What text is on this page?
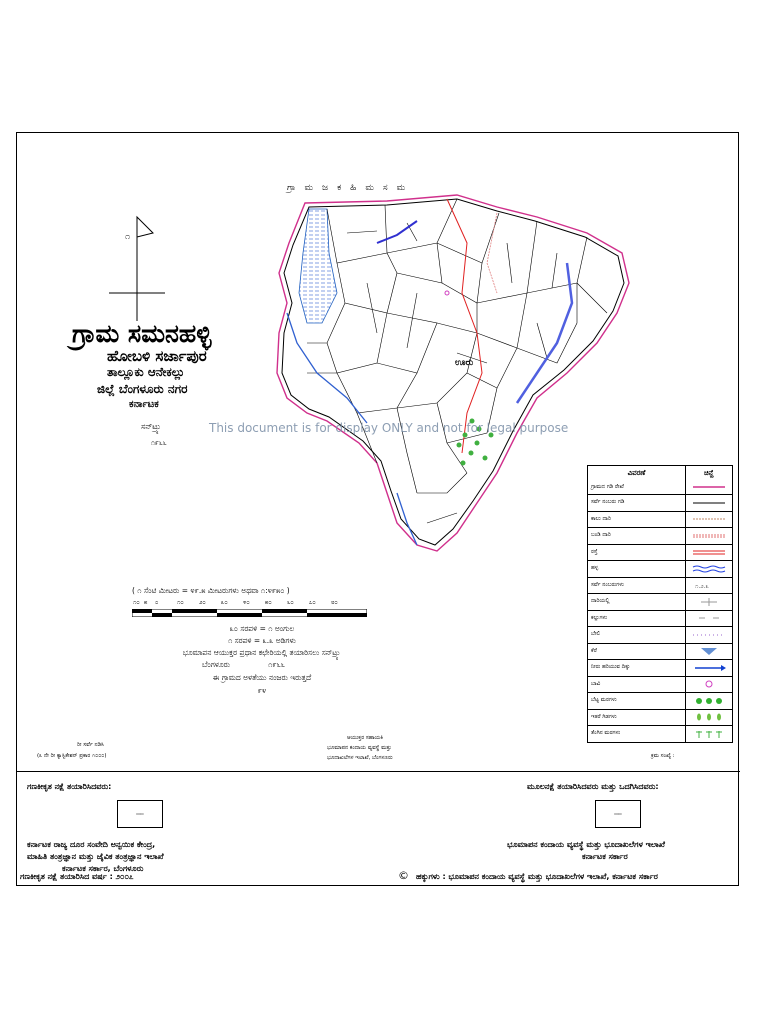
೧
ಗ್ರಾಮ ಸಮನಹಳ್ಳಿ
ಹೋಬಳಿ ಸರ್ಜಾಪುರ
ತಾಲ್ಲೂಕು ಆನೇಕಲ್ಲು
ಜಿಲ್ಲೆ ಬೆಂಗಳೂರು ನಗರ
ಕರ್ನಾಟಕ
ಸನ್‌ಟ್ರ್ಯು
೧೯೬೬
ಊರು
ಗ್ರಾಮಜಕಹಿಮಸಮ
This document is for display ONLY and not for legal purpose
ವಿವರಣೆ	ಚಿನ್ಹೆ
ಗ್ರಾಮದ ಗಡಿ ರೇಖೆ
ಸರ್ವೆ ನಂಬರು ಗಡಿ
ಕಾಲು ದಾರಿ
ಬಂಡಿ ದಾರಿ
ರಸ್ತೆ
ಹಳ್ಳ
ಸರ್ವೆ ನಂಬರುಗಳು	೧.೨.೩
ದಾರಿಯಲ್ಲಿ
ಕಲ್ಲುಗಳು
ಬೇಲಿ
ಕೆರೆ
ನೀರು ಹರಿಯುವ ದಿಕ್ಕು
ಬಾವಿ
ಬೆಟ್ಟ ಮರಗಳು
ಇತರೆ ಗಿಡಗಳು
ತೆಂಗಿನ ಮರಗಳು
( ೧ ಸೆಂಟಿ ಮೀಟರು = ೪೯.೫ ಮೀಟರುಗಳು ಅಥವಾ ೧:೪೯೫೦ )
೧೦ ೫ ೦	೧೦	೨೦	೩೦	೪೦	೫೦	೬೦	೭೦	೮೦
೩೦ ಸರಪಳಿ = ೧ ಅಂಗುಲ
೧ ಸರಪಳಿ = ೩.೩ ಅಡಿಗಳು
ಭೂಮಾಪನ ಆಯುಕ್ತರ ಪ್ರಧಾನ ಕಛೇರಿಯಲ್ಲಿ ತಯಾರಿಸಲು ಸನ್‌ಟ್ರ್ಯು
ಬೆಂಗಳೂರು	೧೯೬೬
ಈ ಗ್ರಾಮದ ಅಳತೆಯು ನಂಜರು ಇರುತ್ತದೆ
೯೪
ರೀ ಸರ್ವೆ ನಡಿಸಿ
(೩ ನೇ ರೀ ಕ್ಯಾಸ್ಟಿಕೇಶನ್ ಪ್ರಕಾರ ೧೦೦೦)
ಆಯುಕ್ತರ ಸಹಾಯಕಿ
ಭೂಮಾಪನ ಕಂದಾಯ ವ್ಯವಸ್ಥೆ ಮತ್ತು
ಭೂದಾಖಲೆಗಳ ಇಲಾಖೆ, ಬೆಂಗಳೂರು	ಕ್ರಮ ಸಂಖ್ಯೆ :
ಗಣಕೀಕೃತ ನಕ್ಷೆ ತಯಾರಿಸಿದವರು:
▭▭
ಕರ್ನಾಟಕ ರಾಜ್ಯ ದೂರ ಸಂವೇದಿ ಅನ್ವಯಿಕ ಕೇಂದ್ರ,
ಮಾಹಿತಿ ತಂತ್ರಜ್ಞಾನ ಮತ್ತು ಜೈವಿಕ ತಂತ್ರಜ್ಞಾನ ಇಲಾಖೆ
ಕರ್ನಾಟಕ ಸರ್ಕಾರ, ಬೆಂಗಳೂರು
ಮೂಲನಕ್ಷೆ ತಯಾರಿಸಿದವರು ಮತ್ತು ಒದಗಿಸಿದವರು:
▭▭
ಭೂಮಾಪನ ಕಂದಾಯ ವ್ಯವಸ್ಥೆ ಮತ್ತು ಭೂದಾಖಲೆಗಳ ಇಲಾಖೆ
ಕರ್ನಾಟಕ ಸರ್ಕಾರ
ಗಣಕೀಕೃತ ನಕ್ಷೆ ತಯಾರಿಸಿದ ವರ್ಷ : ೨೦೦೭	© ಹಕ್ಕುಗಳು : ಭೂಮಾಪನ ಕಂದಾಯ ವ್ಯವಸ್ಥೆ ಮತ್ತು ಭೂದಾಖಲೆಗಳ ಇಲಾಖೆ, ಕರ್ನಾಟಕ ಸರ್ಕಾರ
